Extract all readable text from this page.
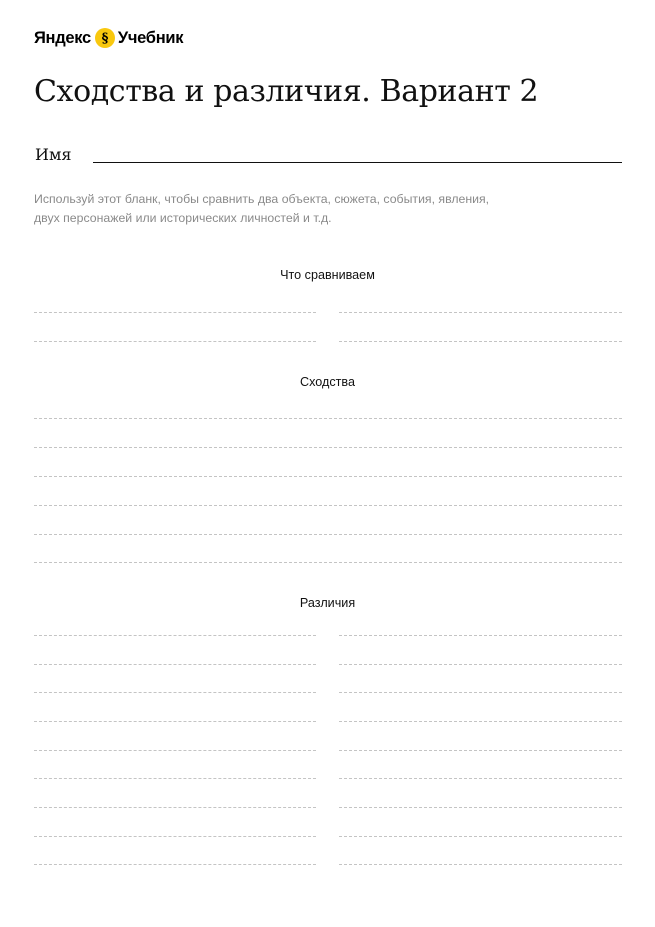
Яндекс § Учебник
Сходства и различия. Вариант 2
Имя

Используй этот бланк, чтобы сравнить два объекта, сюжета, события, явления, двух персонажей или исторических личностей и т.д.

Что сравниваем
Сходства
Различия
